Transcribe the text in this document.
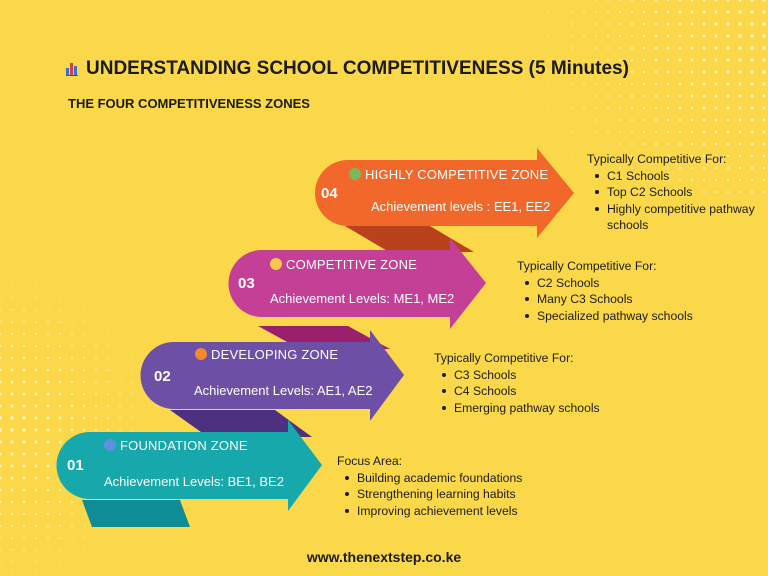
UNDERSTANDING SCHOOL COMPETITIVENESS (5 Minutes)
THE FOUR COMPETITIVENESS ZONES
04
HIGHLY COMPETITIVE ZONE
Achievement levels : EE1, EE2
03
COMPETITIVE ZONE
Achievement Levels: ME1, ME2
02
DEVELOPING ZONE
Achievement Levels: AE1, AE2
01
FOUNDATION ZONE
Achievement Levels: BE1, BE2
Typically Competitive For:
C1 Schools
Top C2 Schools
Highly competitive pathway
schools
Typically Competitive For:
C2 Schools
Many C3 Schools
Specialized pathway schools
Typically Competitive For:
C3 Schools
C4 Schools
Emerging pathway schools
Focus Area:
Building academic foundations
Strengthening learning habits
Improving achievement levels
www.thenextstep.co.ke
